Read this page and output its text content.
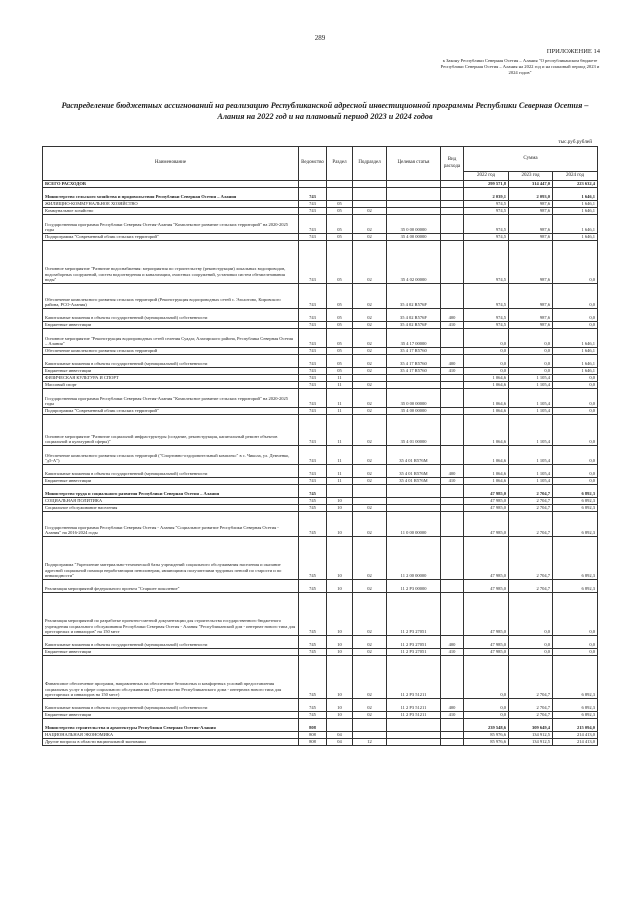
289
ПРИЛОЖЕНИЕ 14
к Закону Республики Северная Осетия – Алания "О республиканском бюджете Республики Северная Осетия – Алания на 2022 год и на плановый период 2023 и 2024 годов"
Распределение бюджетных ассигнований на реализацию Республиканской адресной инвестиционной программы Республики Северная Осетия – Алания на 2022 год и на плановый период 2023 и 2024 годов
тыс.руб.рублей
Наименование	Ведомство	Раздел	Подраздел	Целевая статья	Вид расхода	Сумма		
						2022 год	2023 год	2024 год
ВСЕГО РАСХОДОВ						299 571,8	314 447,0	223 632,4
Министерство сельского хозяйства и продовольствия Республики Северная Осетия – Алания	743					2 039,1	2 093,0	1 646,1
ЖИЛИЩНО-КОММУНАЛЬНОЕ ХОЗЯЙСТВО	743	05				974,5	987,6	1 646,1
Коммунальное хозяйство	743	05	02			974,5	987,6	1 646,1
Государственная программа Республики Северная Осетия-Алания "Комплексное развитие сельских территорий" на 2020-2025 годы	743	05	02	35 0 00 00000		974,5	987,6	1 646,1
Подпрограмма "Современный облик сельских территорий"	743	05	02	35 4 00 00000		974,5	987,6	1 646,1
Основное мероприятие "Развитие водоснабжения: мероприятия по строительству (реконструкции) локальных водопроводов, водозаборных сооружений, систем водоотведения и канализации, очистных сооружений, установки систем обезжелезивания воды"	743	05	02	35 4 02 00000		974,5	987,6	0,0
Обеспечение комплексного развития сельских территорий (Реконструкция водопроводных сетей с. Эльхотово, Кировского района, РСО-Алания)	743	05	02	35 4 02 R576F		974,5	987,6	0,0
Капитальные вложения в объекты государственной (муниципальной) собственности	743	05	02	35 4 02 R576F	400	974,5	987,6	0,0
Бюджетные инвестиции	743	05	02	35 4 02 R576F	410	974,5	987,6	0,0
Основное мероприятие "Реконструкция водопроводных сетей селения Суадаг, Алагирского района, Республика Северная Осетия – Алания"	743	05	02	35 4 17 00000		0,0	0,0	1 646,1
Обеспечение комплексного развития сельских территорий	743	05	02	35 4 17 R5760		0,0	0,0	1 646,1
Капитальные вложения в объекты государственной (муниципальной) собственности	743	05	02	35 4 17 R5760	400	0,0	0,0	1 646,1
Бюджетные инвестиции	743	05	02	35 4 17 R5760	410	0,0	0,0	1 646,1
ФИЗИЧЕСКАЯ КУЛЬТУРА И СПОРТ	743	11				1 064,6	1 105,4	0,0
Массовый спорт	743	11	02			1 064,6	1 105,4	0,0
Государственная программа Республики Северная Осетия-Алания "Комплексное развитие сельских территорий" на 2020-2025 годы	743	11	02	35 0 00 00000		1 064,6	1 105,4	0,0
Подпрограмма "Современный облик сельских территорий"	743	11	02	35 4 00 00000		1 064,6	1 105,4	0,0
Основное мероприятие "Развитие социальной инфраструктуры (создание, реконструкция, капитальный ремонт объектов социальной и культурной сферы)"	743	11	02	35 4 01 00000		1 064,6	1 105,4	0,0
Обеспечение комплексного развития сельских территорий ("Спортивно-оздоровительный комплекс" в с. Чикола, ул. Демченко, "д5-А")	743	11	02	35 4 01 R576М		1 064,6	1 105,4	0,0
Капитальные вложения в объекты государственной (муниципальной) собственности	743	11	02	35 4 01 R576М	400	1 064,6	1 105,4	0,0
Бюджетные инвестиции	743	11	02	35 4 01 R576М	410	1 064,6	1 105,4	0,0
Министерство труда и социального развития Республики Северная Осетия – Алания	745					47 985,0	2 704,7	6 892,3
СОЦИАЛЬНАЯ ПОЛИТИКА	745	10				47 985,0	2 704,7	6 892,3
Социальное обслуживание населения	745	10	02			47 985,0	2 704,7	6 892,3
Государственная программа Республики Северная Осетия - Алания "Социальное развитие Республики Северная Осетия - Алания" на 2016-2024 годы	745	10	02	11 0 00 00000		47 985,0	2 704,7	6 892,3
Подпрограмма "Укрепление материально-технической базы учреждений социального обслуживания населения и оказание адресной социальной помощи неработающим пенсионерам, являющимся получателями трудовых пенсий по старости и по инвалидности"	745	10	02	11 2 00 00000		47 985,0	2 704,7	6 892,3
Реализация мероприятий федерального проекта "Старшее поколение"	745	10	02	11 2 P3 00000		47 985,0	2 704,7	6 892,3
Реализация мероприятий по разработке проектно-сметной документации для строительства государственного бюджетного учреждения социального обслуживания Республики Северная Осетия - Алания "Республиканский дом - интернат нового типа для престарелых и инвалидов" на 150 мест	745	10	02	11 2 P3 27051		47 985,0	0,0	0,0
Капитальные вложения в объекты государственной (муниципальной) собственности	745	10	02	11 2 P3 27051	400	47 985,0	0,0	0,0
Бюджетные инвестиции	745	10	02	11 2 P3 27051	410	47 985,0	0,0	0,0
Финансовое обеспечение программ, направленных на обеспечение безопасных и комфортных условий предоставления социальных услуг в сфере социального обслуживания (Строительство Республиканского дома - интерната нового типа для престарелых и инвалидов на 150 мест)	745	10	02	11 2 P3 51211		0,0	2 704,7	6 892,3
Капитальные вложения в объекты государственной (муниципальной) собственности	745	10	02	11 2 P3 51211	400	0,0	2 704,7	6 892,3
Бюджетные инвестиции	745	10	02	11 2 P3 51211	410	0,0	2 704,7	6 892,3
Министерство строительства и архитектуры Республики Северная Осетия-Алания	808					239 548,6	309 649,4	215 094,0
НАЦИОНАЛЬНАЯ ЭКОНОМИКА	808	04				85 976,6	134 912,5	214 413,0
Другие вопросы в области национальной экономики	808	04	12			85 976,6	134 912,5	214 413,0
